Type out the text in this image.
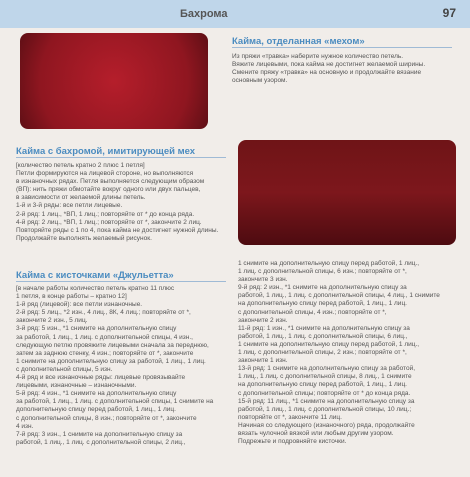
Бахрома	97
Кайма, отделанная «мехом»
Из пряжи «травка» наберите нужное количество петель.
Вяжите лицевыми, пока кайма не достигнет желаемой ширины.
Смените пряжу «травка» на основную и продолжайте вязание
основным узором.
Кайма с бахромой, имитирующей мех
[количество петель кратно 2 плюс 1 петля]
Петли формируются на лицевой стороне, но выполняются
в изнаночных рядах. Петля выполняется следующим образом
(ВП): нить пряжи обмотайте вокруг одного или двух пальцев,
в зависимости от желаемой длины петель.
1-й и 3-й ряды: все петли лицевые.
2-й ряд: 1 лиц., *ВП, 1 лиц.; повторяйте от * до конца ряда.
4-й ряд: 2 лиц., *ВП, 1 лиц.; повторяйте от *, закончите 2 лиц.
Повторяйте ряды с 1 по 4, пока кайма не достигнет нужной длины.
Продолжайте выполнять желаемый рисунок.
Кайма с кисточками «Джульетта»
[в начале работы количество петель кратно 11 плюс
1 петля, в конце работы – кратно 12]
1-й ряд (лицевой): все петли изнаночные.
2-й ряд: 5 лиц., *2 изн., 4 лиц., 8К, 4 лиц.; повторяйте от *,
закончите 2 изн., 5 лиц.
3-й ряд: 5 изн., *1 снимите на дополнительную спицу
за работой, 1 лиц., 1 лиц. с дополнительной спицы, 4 изн.,
следующую петлю провяжите лицевыми сначала за переднюю,
затем за заднюю стенку, 4 изн.; повторяйте от *, закончите
1 снимите на дополнительную спицу за работой, 1 лиц., 1 лиц.
с дополнительной спицы, 5 изн.
4-й ряд и все изнаночные ряды: лицевые провязывайте
лицевыми, изнаночные – изнаночными.
5-й ряд: 4 изн., *1 снимите на дополнительную спицу
за работой, 1 лиц., 1 лиц. с дополнительной спицы, 1 снимите на
дополнительную спицу перед работой, 1 лиц., 1 лиц.
с дополнительной спицы, 8 изн.; повторяйте от *, закончите
4 изн.
7-й ряд: 3 изн., 1 снимите на дополнительную спицу за
работой, 1 лиц., 1 лиц. с дополнительной спицы, 2 лиц.,
1 снимите на дополнительную спицу перед работой, 1 лиц.,
1 лиц. с дополнительной спицы, 6 изн.; повторяйте от *,
закончите 3 изн.
9-й ряд: 2 изн., *1 снимите на дополнительную спицу за
работой, 1 лиц., 1 лиц. с дополнительной спицы, 4 лиц., 1 снимите
на дополнительную спицу перед работой, 1 лиц., 1 лиц.
с дополнительной спицы, 4 изн.; повторяйте от *,
закончите 2 изн.
11-й ряд: 1 изн., *1 снимите на дополнительную спицу за
работой, 1 лиц., 1 лиц. с дополнительной спицы, 6 лиц.,
1 снимите на дополнительную спицу перед работой, 1 лиц.,
1 лиц. с дополнительной спицы, 2 изн.; повторяйте от *,
закончите 1 изн.
13-й ряд: 1 снимите на дополнительную спицу за работой,
1 лиц., 1 лиц. с дополнительной спицы, 8 лиц., 1 снимите
на дополнительную спицу перед работой, 1 лиц., 1 лиц.
с дополнительной спицы; повторяйте от * до конца ряда.
15-й ряд: 11 лиц., *1 снимите на дополнительную спицу за
работой, 1 лиц., 1 лиц. с дополнительной спицы, 10 лиц.;
повторяйте от *, закончите 11 лиц.
Начиная со следующего (изнаночного) ряда, продолжайте
вязать чулочной вязкой или любым другим узором.
Подрежьте и подровняйте кисточки.
